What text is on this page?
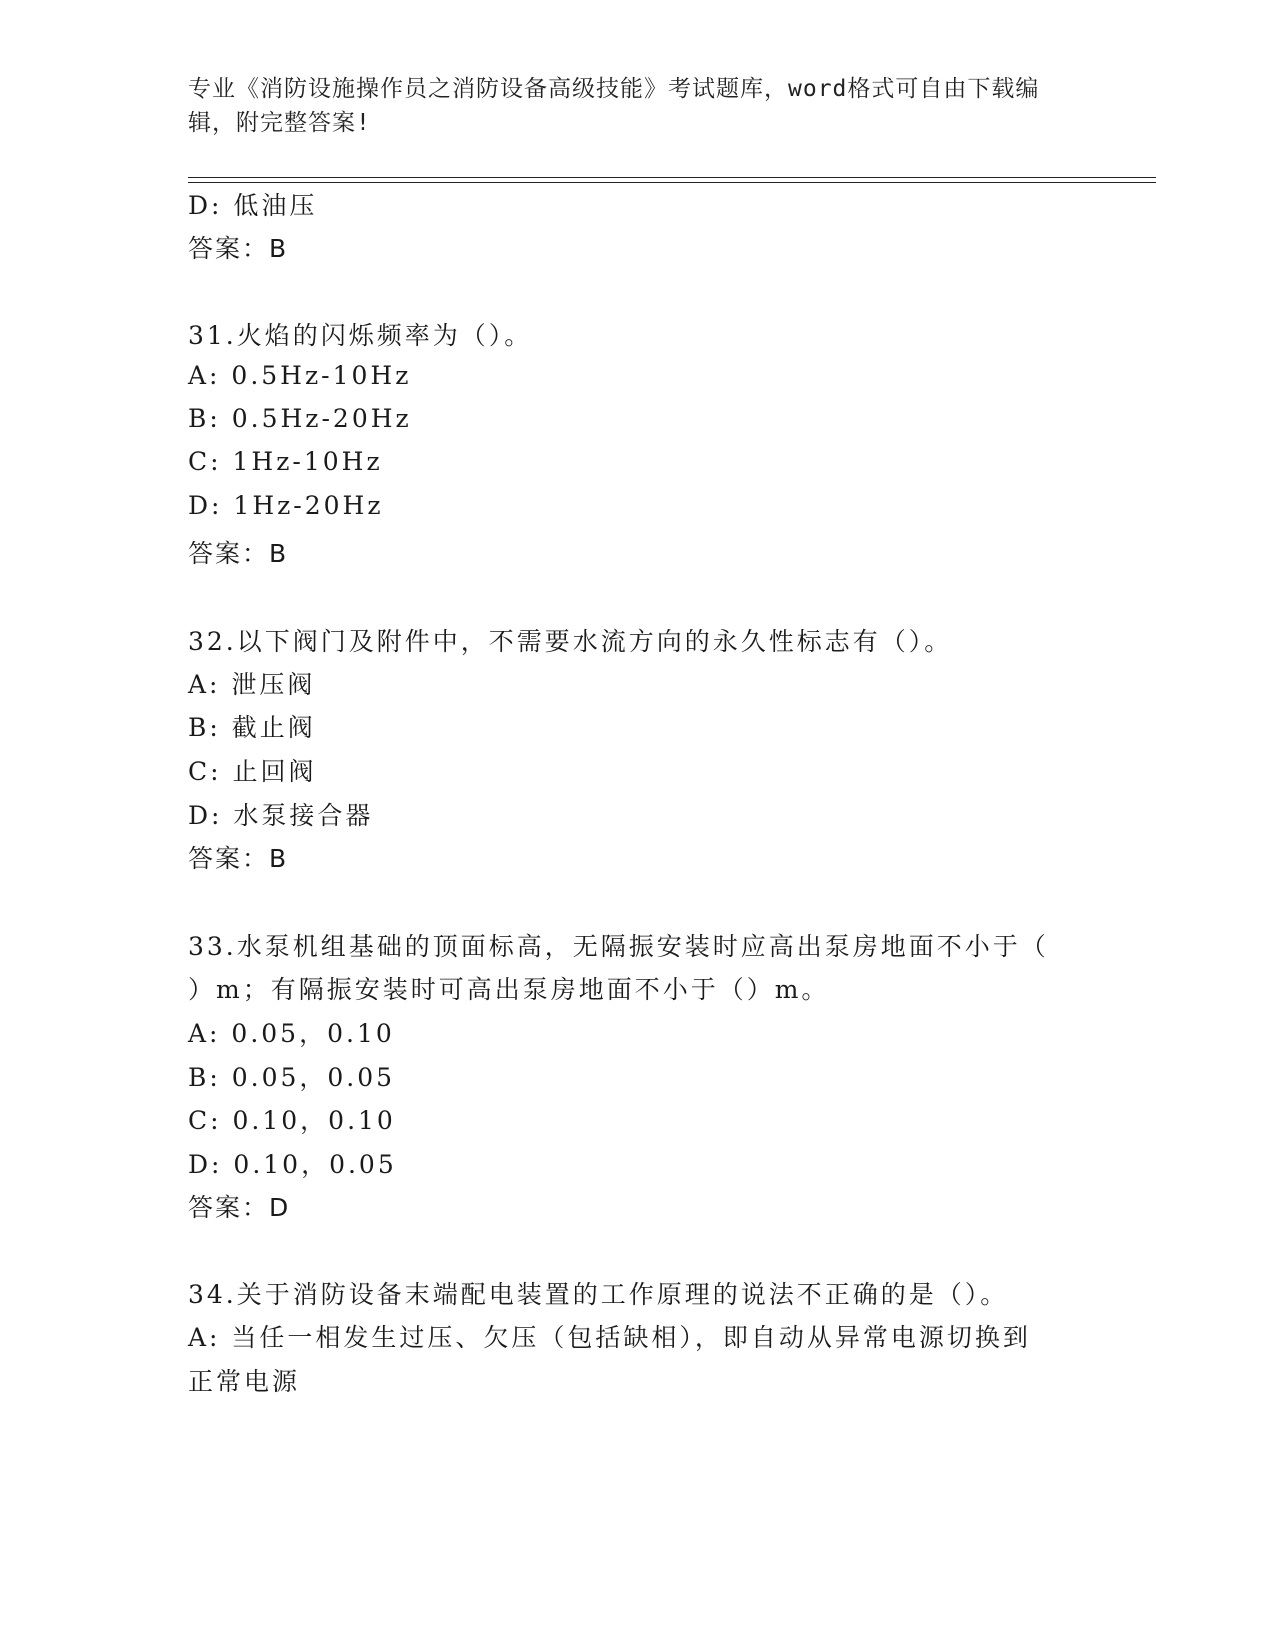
专业《消防设施操作员之消防设备高级技能》考试题库，word格式可自由下载编辑，附完整答案!
D: 低油压
答案：B
31.火焰的闪烁频率为（）。
A: 0.5Hz-10Hz
B: 0.5Hz-20Hz
C: 1Hz-10Hz
D: 1Hz-20Hz
答案：B
32.以下阀门及附件中，不需要水流方向的永久性标志有（）。
A: 泄压阀
B: 截止阀
C: 止回阀
D: 水泵接合器
答案：B
33.水泵机组基础的顶面标高，无隔振安装时应高出泵房地面不小于（
）m；有隔振安装时可高出泵房地面不小于（）m。
A: 0.05，0.10
B: 0.05，0.05
C: 0.10，0.10
D: 0.10，0.05
答案：D
34.关于消防设备末端配电装置的工作原理的说法不正确的是（）。
A: 当任一相发生过压、欠压（包括缺相），即自动从异常电源切换到
正常电源
